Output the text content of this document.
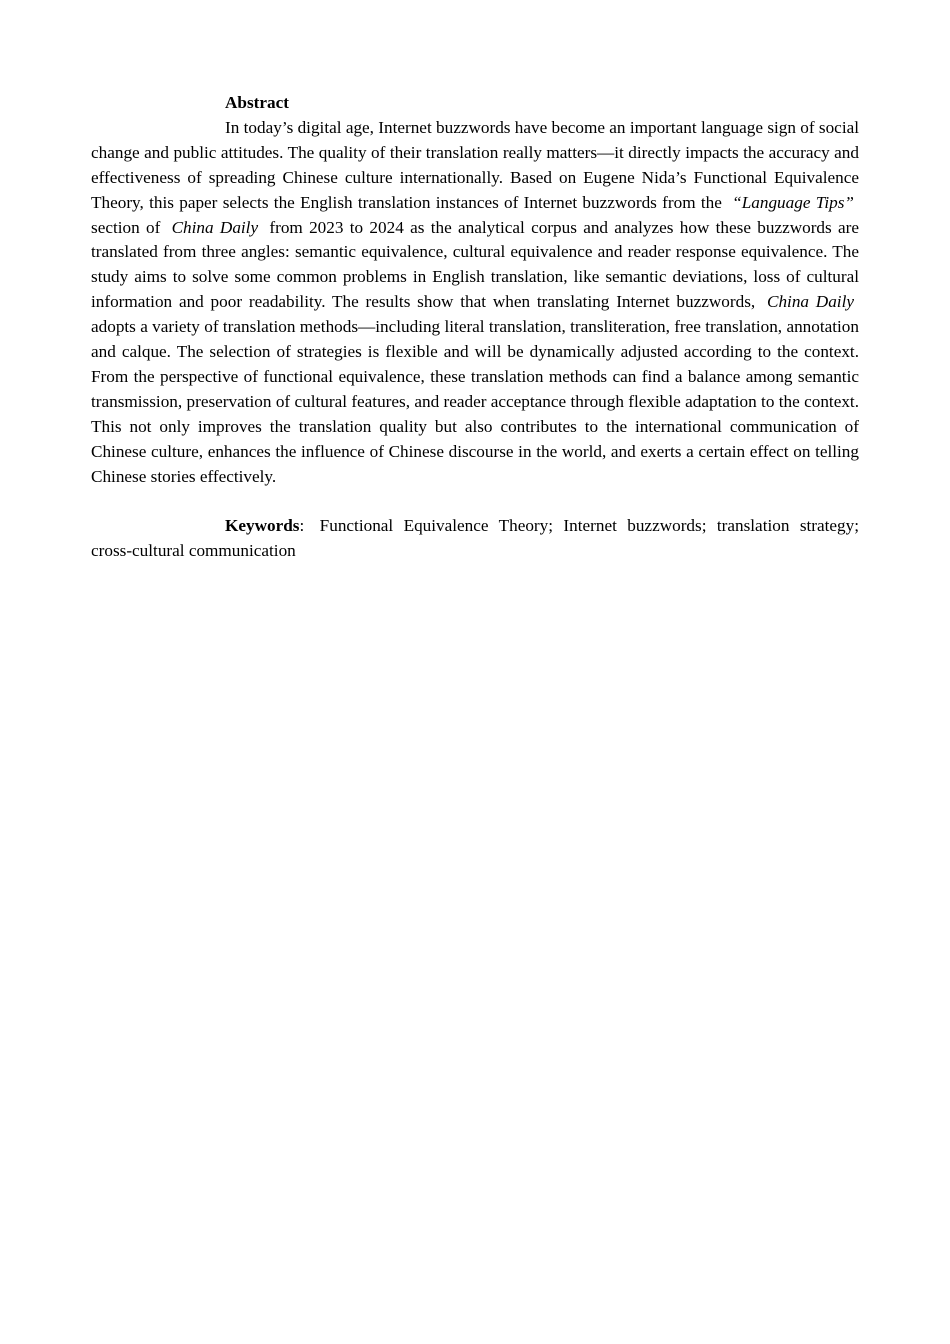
Abstract

In today’s digital age, Internet buzzwords have become an important language sign of social change and public attitudes. The quality of their translation really matters—it directly impacts the accuracy and effectiveness of spreading Chinese culture internationally. Based on Eugene Nida’s Functional Equivalence Theory, this paper selects the English translation instances of Internet buzzwords from the “Language Tips” section of China Daily from 2023 to 2024 as the analytical corpus and analyzes how these buzzwords are translated from three angles: semantic equivalence, cultural equivalence and reader response equivalence. The study aims to solve some common problems in English translation, like semantic deviations, loss of cultural information and poor readability. The results show that when translating Internet buzzwords, China Daily adopts a variety of translation methods—including literal translation, transliteration, free translation, annotation and calque. The selection of strategies is flexible and will be dynamically adjusted according to the context. From the perspective of functional equivalence, these translation methods can find a balance among semantic transmission, preservation of cultural features, and reader acceptance through flexible adaptation to the context. This not only improves the translation quality but also contributes to the international communication of Chinese culture, enhances the influence of Chinese discourse in the world, and exerts a certain effect on telling Chinese stories effectively.

Keywords: Functional Equivalence Theory; Internet buzzwords; translation strategy; cross-cultural communication
